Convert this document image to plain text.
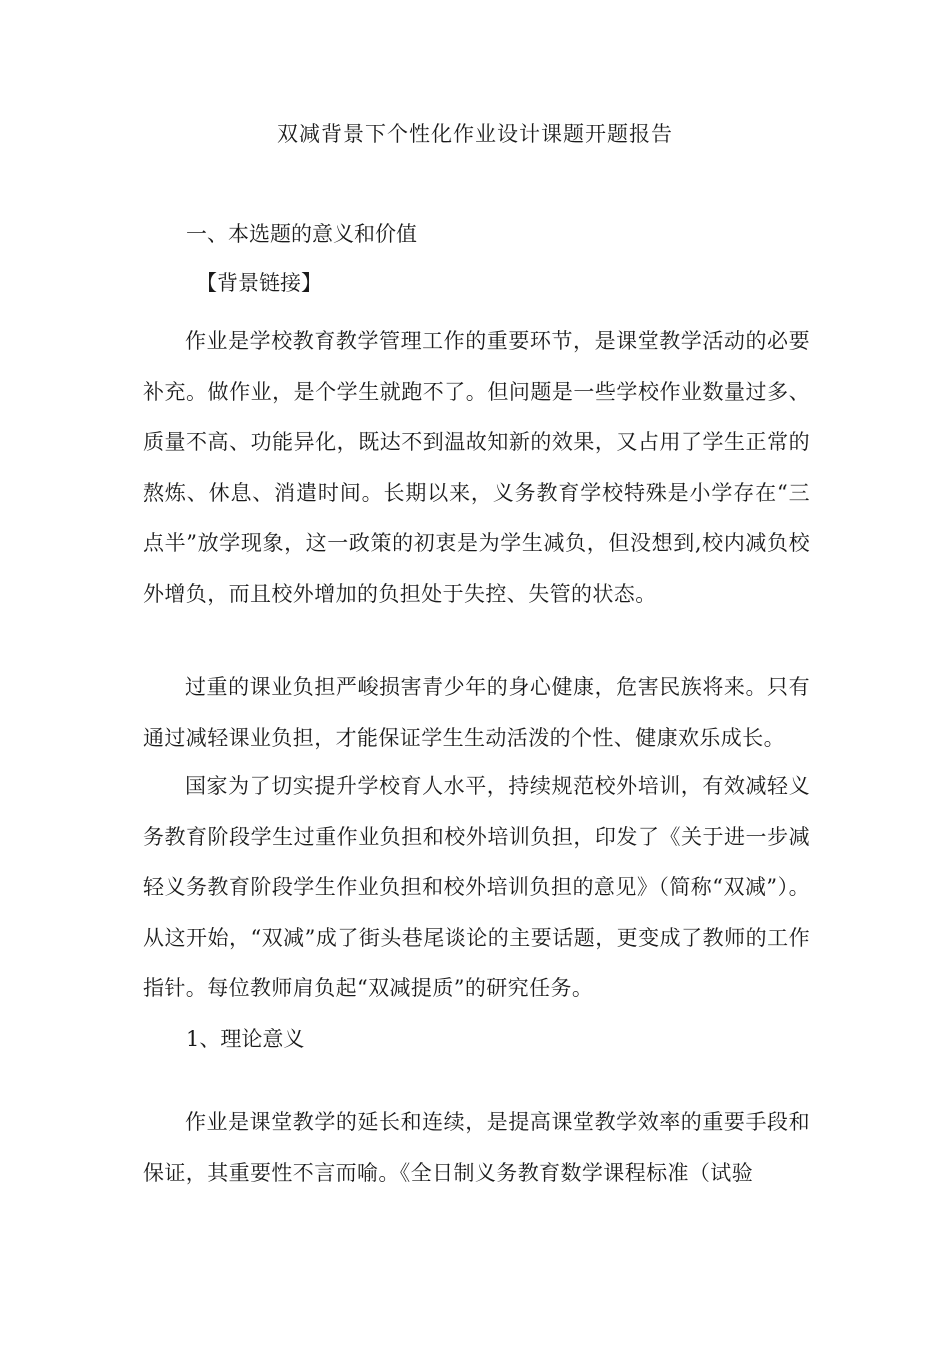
双减背景下个性化作业设计课题开题报告
一、本选题的意义和价值
【背景链接】

作业是学校教育教学管理工作的重要环节，是课堂教学活动的必要补充。做作业，是个学生就跑不了。但问题是一些学校作业数量过多、质量不高、功能异化，既达不到温故知新的效果，又占用了学生正常的熬炼、休息、消遣时间。长期以来，义务教育学校特殊是小学存在“三点半”放学现象，这一政策的初衷是为学生减负，但没想到,校内减负校外增负，而且校外增加的负担处于失控、失管的状态。

过重的课业负担严峻损害青少年的身心健康，危害民族将来。只有通过减轻课业负担，才能保证学生生动活泼的个性、健康欢乐成长。

国家为了切实提升学校育人水平，持续规范校外培训，有效减轻义务教育阶段学生过重作业负担和校外培训负担，印发了《关于进一步减轻义务教育阶段学生作业负担和校外培训负担的意见》（简称“双减”）。从这开始，“双减”成了街头巷尾谈论的主要话题，更变成了教师的工作指针。每位教师肩负起“双减提质”的研究任务。

1、理论意义

作业是课堂教学的延长和连续，是提高课堂教学效率的重要手段和保证，其重要性不言而喻。《全日制义务教育数学课程标准（试验
